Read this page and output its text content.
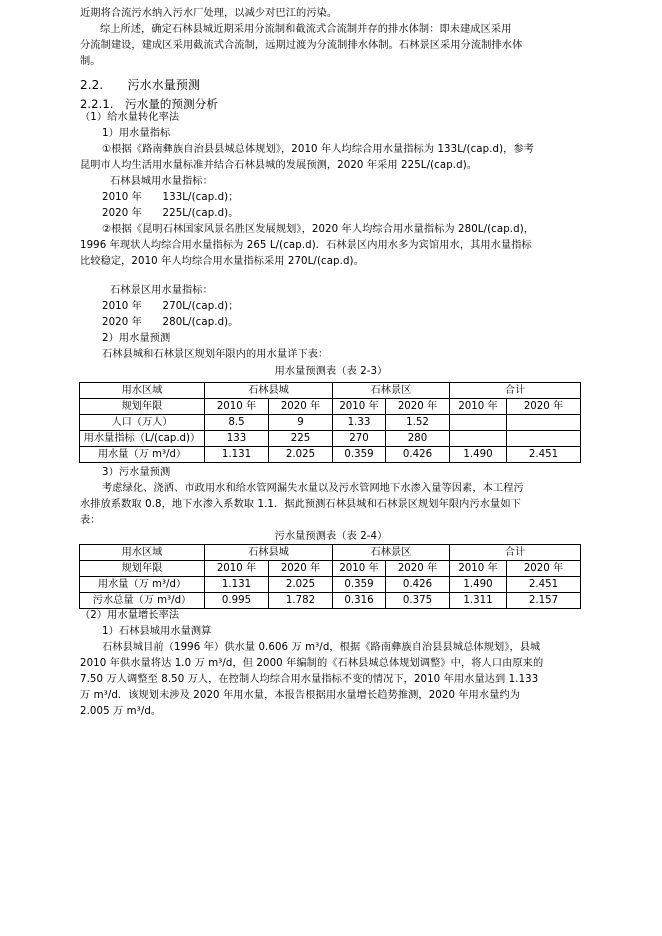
近期将合流污水纳入污水厂处理，以减少对巴江的污染。
综上所述，确定石林县城近期采用分流制和截流式合流制并存的排水体制：即未建成区采用
分流制建设，建成区采用截流式合流制，远期过渡为分流制排水体制。石林景区采用分流制排水体
制。
2.2.　　污水水量预测
2.2.1.　污水量的预测分析
（1）给水量转化率法
1）用水量指标
①根据《路南彝族自治县县城总体规划》，2010 年人均综合用水量指标为 133L/(cap.d)，参考
昆明市人均生活用水量标准并结合石林县城的发展预测，2020 年采用 225L/(cap.d)。
石林县城用水量指标：
2010 年　　133L/(cap.d)；
2020 年　　225L/(cap.d)。
②根据《昆明石林国家风景名胜区发展规划》，2020 年人均综合用水量指标为 280L/(cap.d)，
1996 年现状人均综合用水量指标为 265 L/(cap.d)．石林景区内用水多为宾馆用水，其用水量指标
比较稳定，2010 年人均综合用水量指标采用 270L/(cap.d)。
石林景区用水量指标：
2010 年　　270L/(cap.d)；
2020 年　　280L/(cap.d)。
2）用水量预测
石林县城和石林景区规划年限内的用水量详下表：
用水量预测表（表 2-3）
用水区域	石林县城		石林景区		合计	
规划年限	2010 年	2020 年	2010 年	2020 年	2010 年	2020 年
人口（万人）	8.5	9	1.33	1.52		
用水量指标（L/(cap.d)）	133	225	270	280		
用水量（万 m³/d）	1.131	2.025	0.359	0.426	1.490	2.451
3）污水量预测
考虑绿化、浇洒、市政用水和给水管网漏失水量以及污水管网地下水渗入量等因素，本工程污
水排放系数取 0.8，地下水渗入系数取 1.1．据此预测石林县城和石林景区规划年限内污水量如下
表：
污水量预测表（表 2-4）
用水区域	石林县城		石林景区		合计	
规划年限	2010 年	2020 年	2010 年	2020 年	2010 年	2020 年
用水量（万 m³/d）	1.131	2.025	0.359	0.426	1.490	2.451
污水总量（万 m³/d）	0.995	1.782	0.316	0.375	1.311	2.157
（2）用水量增长率法
1）石林县城用水量测算
石林县城目前（1996 年）供水量 0.606 万 m³/d，根据《路南彝族自治县县城总体规划》，县城
2010 年供水量将达 1.0 万 m³/d，但 2000 年编制的《石林县城总体规划调整》中，将人口由原来的
7.50 万人调整至 8.50 万人，在控制人均综合用水量指标不变的情况下，2010 年用水量达到 1.133
万 m³/d．该规划未涉及 2020 年用水量，本报告根据用水量增长趋势推测，2020 年用水量约为
2.005 万 m³/d。
